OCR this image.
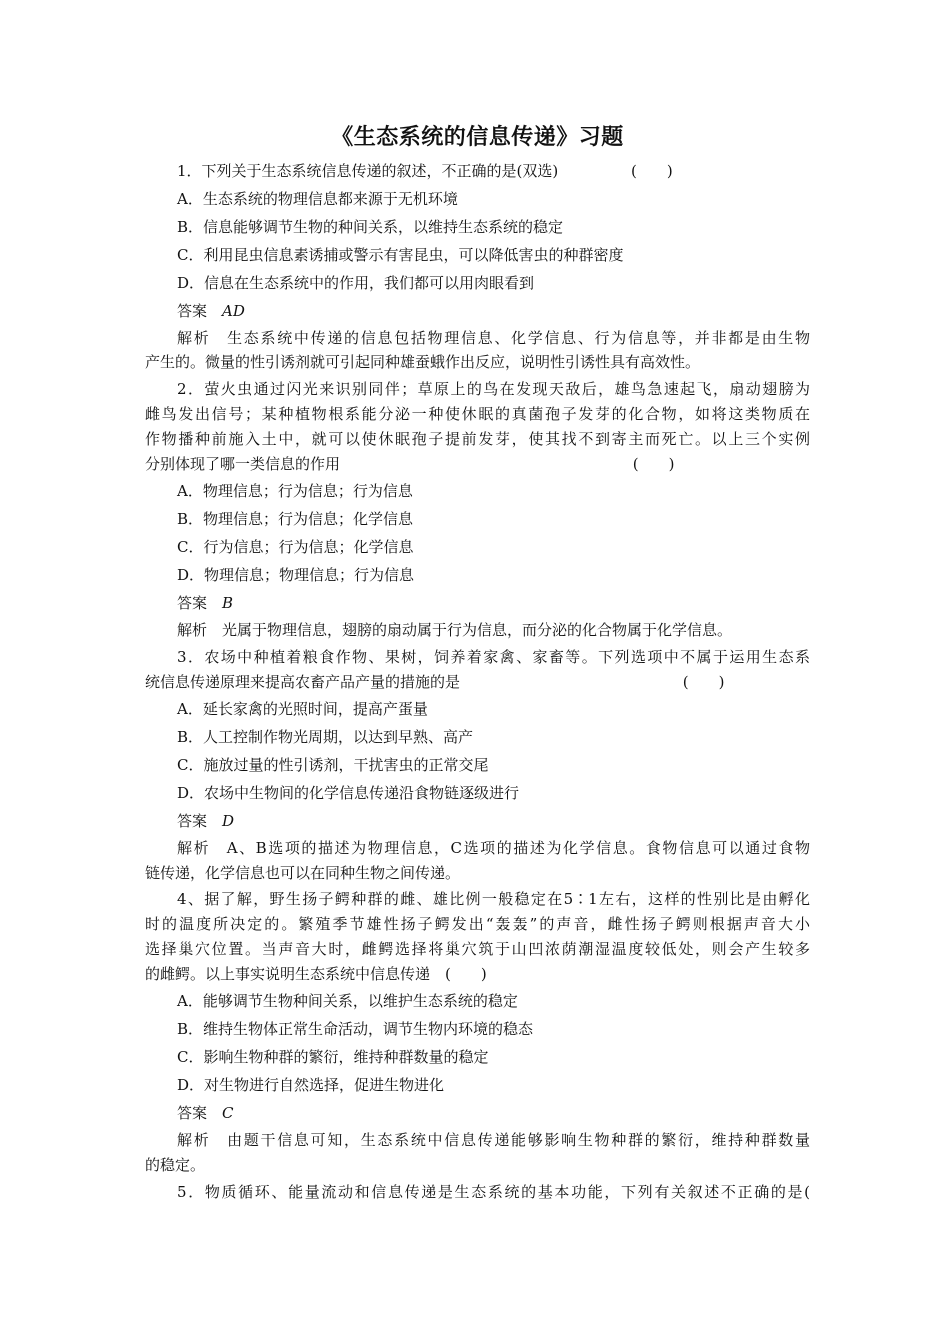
《生态系统的信息传递》习题
1．下列关于生态系统信息传递的叙述，不正确的是(双选)	(　　)
A．生态系统的物理信息都来源于无机环境
B．信息能够调节生物的种间关系，以维持生态系统的稳定
C．利用昆虫信息素诱捕或警示有害昆虫，可以降低害虫的种群密度
D．信息在生态系统中的作用，我们都可以用肉眼看到
答案　 AD
解析　生态系统中传递的信息包括物理信息、化学信息、行为信息等，并非都是由生物
产生的。微量的性引诱剂就可引起同种雄蚕蛾作出反应，说明性引诱性具有高效性。
2．萤火虫通过闪光来识别同伴；草原上的鸟在发现天敌后，雄鸟急速起飞，扇动翅膀为
雌鸟发出信号；某种植物根系能分泌一种使休眠的真菌孢子发芽的化合物，如将这类物质在
作物播种前施入土中，就可以使休眠孢子提前发芽，使其找不到寄主而死亡。以上三个实例
分别体现了哪一类信息的作用	(　　)
A．物理信息；行为信息；行为信息
B．物理信息；行为信息；化学信息
C．行为信息；行为信息；化学信息
D．物理信息；物理信息；行为信息
答案　 B
解析　光属于物理信息，翅膀的扇动属于行为信息，而分泌的化合物属于化学信息。
3．农场中种植着粮食作物、果树，饲养着家禽、家畜等。下列选项中不属于运用生态系
统信息传递原理来提高农畜产品产量的措施的是	(　　)
A．延长家禽的光照时间，提高产蛋量
B．人工控制作物光周期，以达到早熟、高产
C．施放过量的性引诱剂，干扰害虫的正常交尾
D．农场中生物间的化学信息传递沿食物链逐级进行
答案　 D
解析　A、B选项的描述为物理信息，C选项的描述为化学信息。食物信息可以通过食物
链传递，化学信息也可以在同种生物之间传递。
4、据了解，野生扬子鳄种群的雌、雄比例一般稳定在5∶1左右，这样的性别比是由孵化
时的温度所决定的。繁殖季节雄性扬子鳄发出“轰轰”的声音，雌性扬子鳄则根据声音大小
选择巢穴位置。当声音大时，雌鳄选择将巢穴筑于山凹浓荫潮湿温度较低处，则会产生较多
的雌鳄。以上事实说明生态系统中信息传递　(　　)
A．能够调节生物种间关系，以维护生态系统的稳定
B．维持生物体正常生命活动，调节生物内环境的稳态
C．影响生物种群的繁衍，维持种群数量的稳定
D．对生物进行自然选择，促进生物进化
答案　 C
解析　由题干信息可知，生态系统中信息传递能够影响生物种群的繁衍，维持种群数量
的稳定。
5．物质循环、能量流动和信息传递是生态系统的基本功能，下列有关叙述不正确的是(
